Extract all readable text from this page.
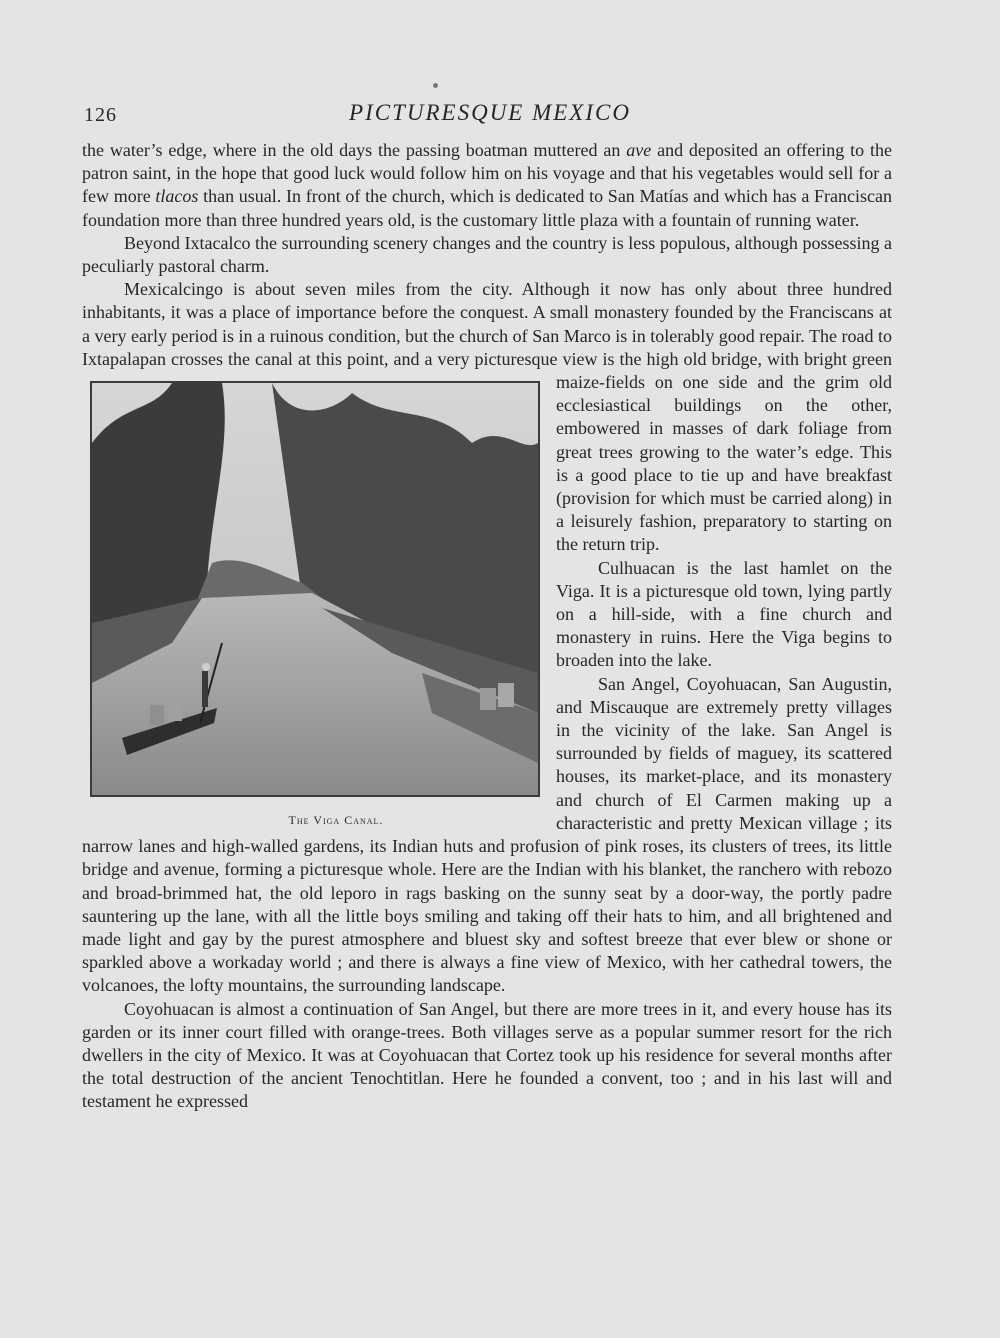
126	PICTURESQUE MEXICO

the water’s edge, where in the old days the passing boatman muttered an ave and deposited an offering to the patron saint, in the hope that good luck would follow him on his voyage and that his vegetables would sell for a few more tlacos than usual. In front of the church, which is dedicated to San Matías and which has a Franciscan foundation more than three hundred years old, is the customary little plaza with a fountain of running water.

Beyond Ixtacalco the surrounding scenery changes and the country is less populous, although possessing a peculiarly pastoral charm.

Mexicalcingo is about seven miles from the city. Although it now has only about three hundred inhabitants, it was a place of importance before the conquest. A small monastery founded by the Franciscans at a very early period is in a ruinous condition, but the church of San Marco is in tolerably good repair. The road to Ixtapalapan crosses the canal at this point, and a very picturesque view is the high old bridge, with bright green maize-fields on one side
The Viga Canal.
and the grim old ecclesiastical buildings on the other, embowered in masses of dark foliage from great trees growing to the water’s edge. This is a good place to tie up and have breakfast (provision for which must be carried along) in a leisurely fashion, preparatory to starting on the return trip.

Culhuacan is the last hamlet on the Viga. It is a picturesque old town, lying partly on a hill-side, with a fine church and monastery in ruins. Here the Viga begins to broaden into the lake.

San Angel, Coyohuacan, San Augustin, and Miscauque are extremely pretty villages in the vicinity of the lake. San Angel is surrounded by fields of maguey, its scattered houses, its market-place, and its monastery and church of El Carmen making up a characteristic and pretty Mexican village ; its narrow lanes and high-walled gardens, its Indian huts and profusion of pink roses, its clusters of trees, its little bridge and avenue, forming a picturesque whole. Here are the Indian with his blanket, the ranchero with rebozo and broad-brimmed hat, the old leporo in rags basking on the sunny seat by a door-way, the portly padre sauntering up the lane, with all the little boys smiling and taking off their hats to him, and all brightened and made light and gay by the purest atmosphere and bluest sky and softest breeze that ever blew or shone or sparkled above a workaday world ; and there is always a fine view of Mexico, with her cathedral towers, the volcanoes, the lofty mountains, the surrounding landscape.

Coyohuacan is almost a continuation of San Angel, but there are more trees in it, and every house has its garden or its inner court filled with orange-trees. Both villages serve as a popular summer resort for the rich dwellers in the city of Mexico. It was at Coyohuacan that Cortez took up his residence for several months after the total destruction of the ancient Tenochtitlan. Here he founded a convent, too ; and in his last will and testament he expressed
